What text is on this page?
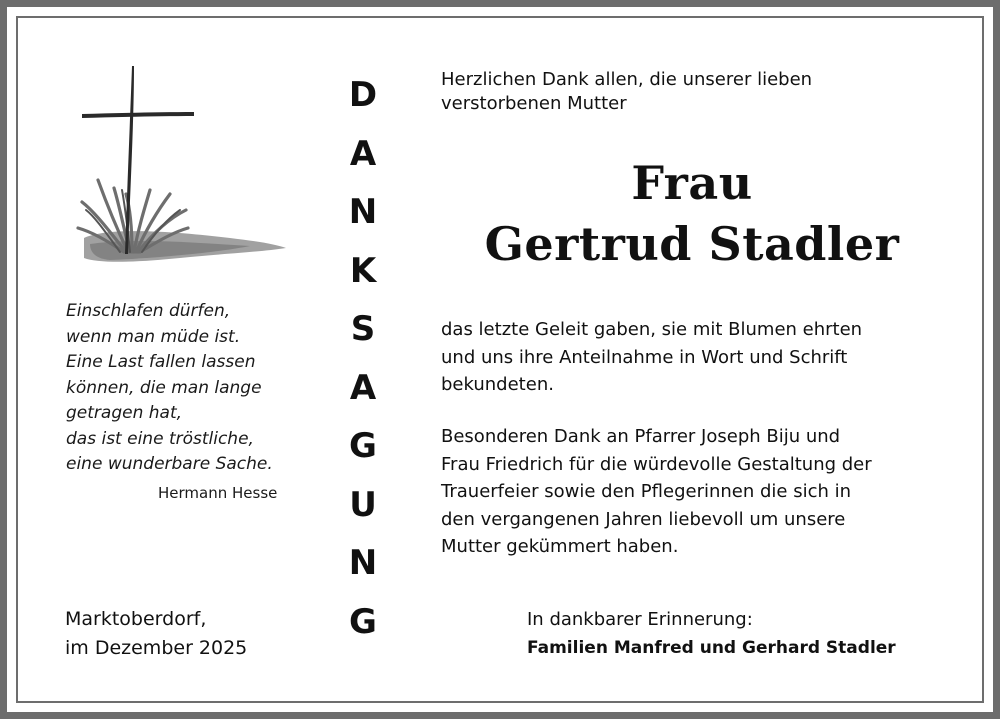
Einschlafen dürfen,
wenn man müde ist.
Eine Last fallen lassen
können, die man lange
getragen hat,
das ist eine tröstliche,
eine wunderbare Sache.
Hermann Hesse
D
A
N
K
S
A
G
U
N
G
Herzlichen Dank allen, die unserer lieben
verstorbenen Mutter
Frau
Gertrud Stadler
das letzte Geleit gaben, sie mit Blumen ehrten
und uns ihre Anteilnahme in Wort und Schrift
bekundeten.
Besonderen Dank an Pfarrer Joseph Biju und
Frau Friedrich für die würdevolle Gestaltung der
Trauerfeier sowie den Pflegerinnen die sich in
den vergangenen Jahren liebevoll um unsere
Mutter gekümmert haben.
Marktoberdorf,
im Dezember 2025
In dankbarer Erinnerung:
Familien Manfred und Gerhard Stadler
